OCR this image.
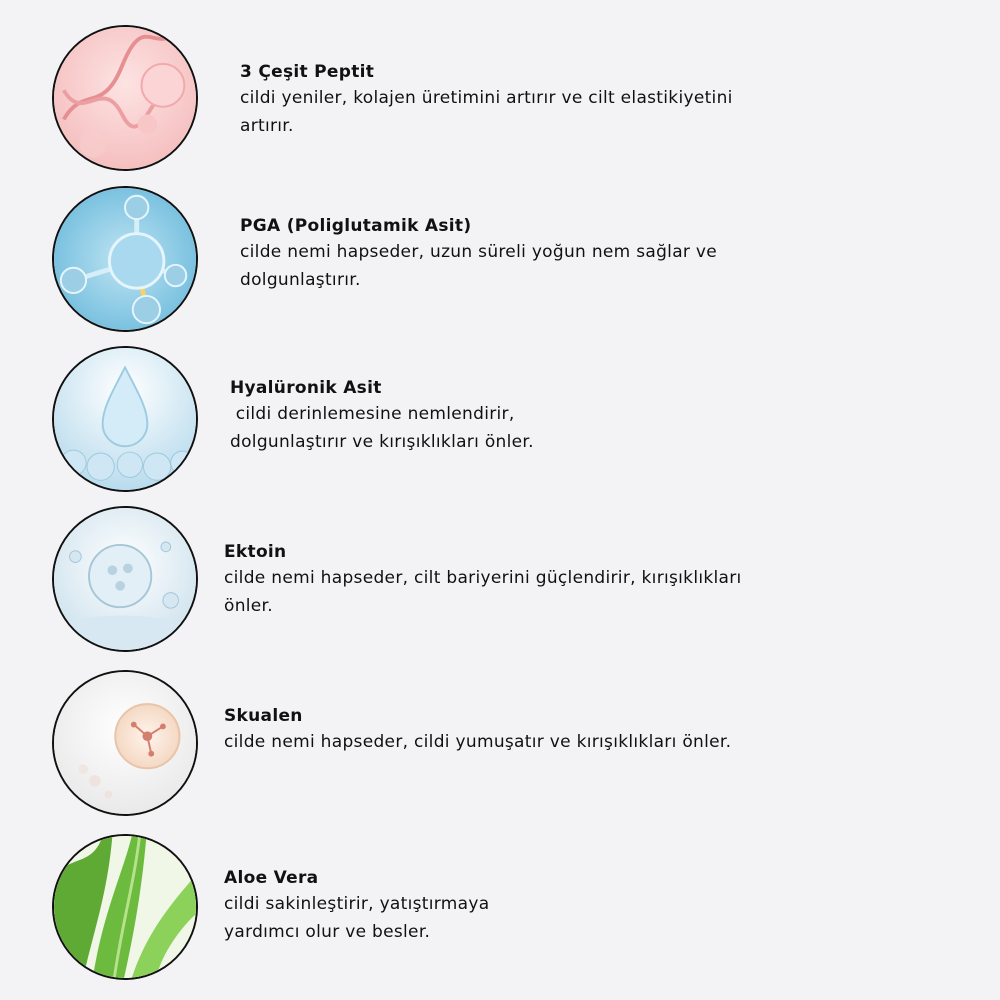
3 Çeşit Peptit
cildi yeniler, kolajen üretimini artırır ve cilt elastikiyetini
artırır.
PGA (Poliglutamik Asit)
cilde nemi hapseder, uzun süreli yoğun nem sağlar ve
dolgunlaştırır.
Hyalüronik Asit
cildi derinlemesine nemlendirir,
dolgunlaştırır ve kırışıklıkları önler.
Ektoin
cilde nemi hapseder, cilt bariyerini güçlendirir, kırışıklıkları
önler.
Skualen
cilde nemi hapseder, cildi yumuşatır ve kırışıklıkları önler.
Aloe Vera
cildi sakinleştirir, yatıştırmaya
yardımcı olur ve besler.
